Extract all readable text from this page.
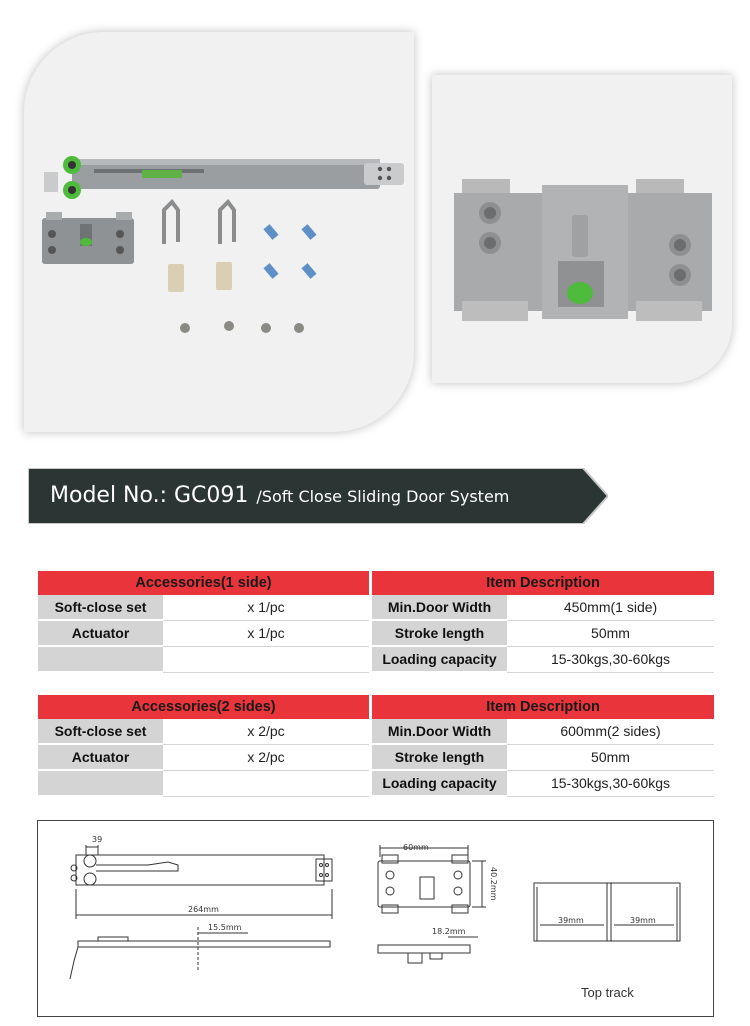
Model No.: GC091 /Soft Close Sliding Door System
Accessories(1 side)			Item Description	
Soft-close set	x 1/pc		Min.Door Width	450mm(1 side)
Actuator	x 1/pc		Stroke length	50mm
			Loading capacity	15-30kgs,30-60kgs
Accessories(2 sides)			Item Description	
Soft-close set	x 2/pc		Min.Door Width	600mm(2 sides)
Actuator	x 2/pc		Stroke length	50mm
			Loading capacity	15-30kgs,30-60kgs
39
264mm
15.5mm
60mm
40.2mm
18.2mm
39mm	39mm
Top track
